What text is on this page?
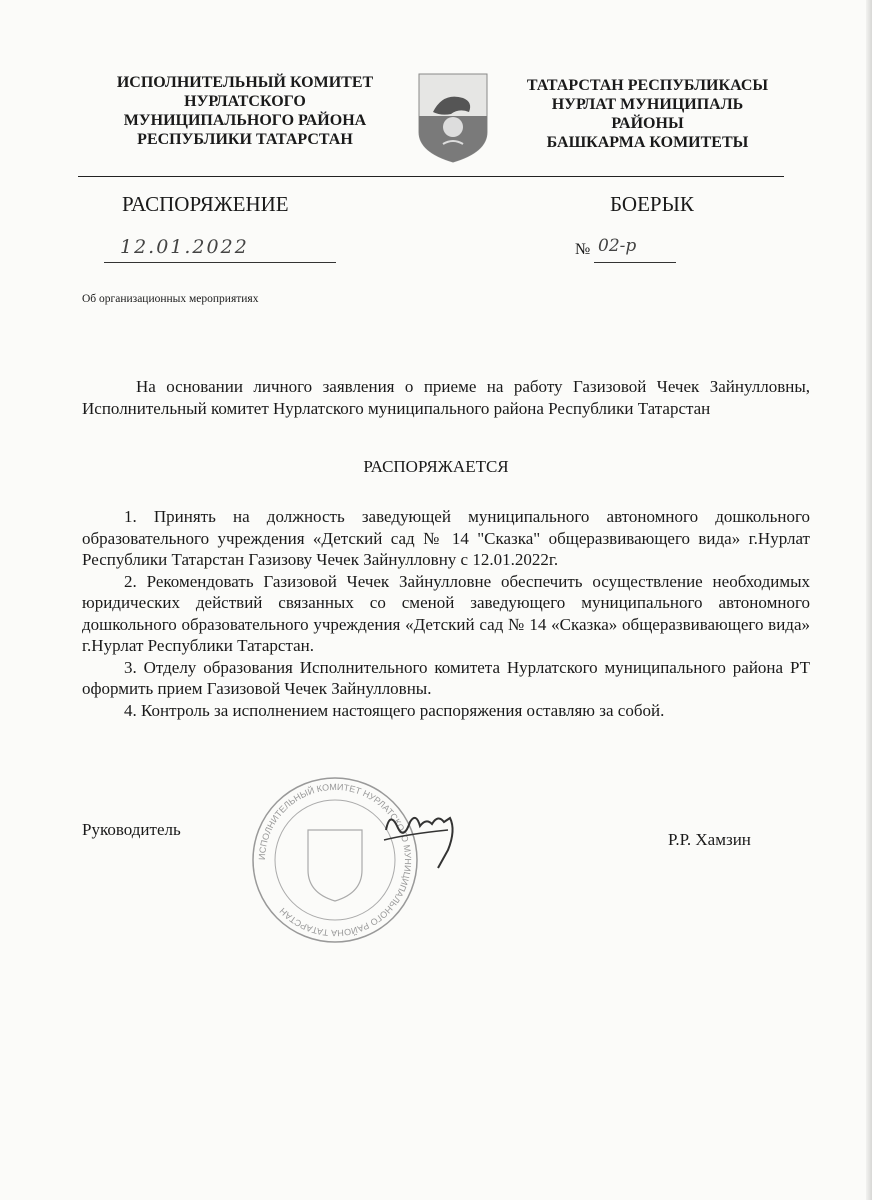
ИСПОЛНИТЕЛЬНЫЙ КОМИТЕТ
НУРЛАТСКОГО
МУНИЦИПАЛЬНОГО РАЙОНА
РЕСПУБЛИКИ ТАТАРСТАН
ТАТАРСТАН РЕСПУБЛИКАСЫ
НУРЛАТ МУНИЦИПАЛЬ
РАЙОНЫ
БАШКАРМА КОМИТЕТЫ
РАСПОРЯЖЕНИЕ	БОЕРЫК
12.01.2022	№ 02-р
Об организационных мероприятиях

На основании личного заявления о приеме на работу Газизовой Чечек Зайнулловны, Исполнительный комитет Нурлатского муниципального района Республики Татарстан

РАСПОРЯЖАЕТСЯ

1. Принять на должность заведующей муниципального автономного дошкольного образовательного учреждения «Детский сад № 14 "Сказка" общеразвивающего вида» г.Нурлат Республики Татарстан Газизову Чечек Зайнулловну с 12.01.2022г.

2. Рекомендовать Газизовой Чечек Зайнулловне обеспечить осуществление необходимых юридических действий связанных со сменой заведующего муниципального автономного дошкольного образовательного учреждения «Детский сад № 14 «Сказка» общеразвивающего вида» г.Нурлат Республики Татарстан.

3. Отделу образования Исполнительного комитета Нурлатского муниципального района РТ оформить прием Газизовой Чечек Зайнулловны.

4. Контроль за исполнением настоящего распоряжения оставляю за собой.

Руководитель
ИСПОЛНИТЕЛЬНЫЙ КОМИТЕТ НУРЛАТСКОГО МУНИЦИПАЛЬНОГО РАЙОНА ТАТАРСТАН
Р.Р. Хамзин
